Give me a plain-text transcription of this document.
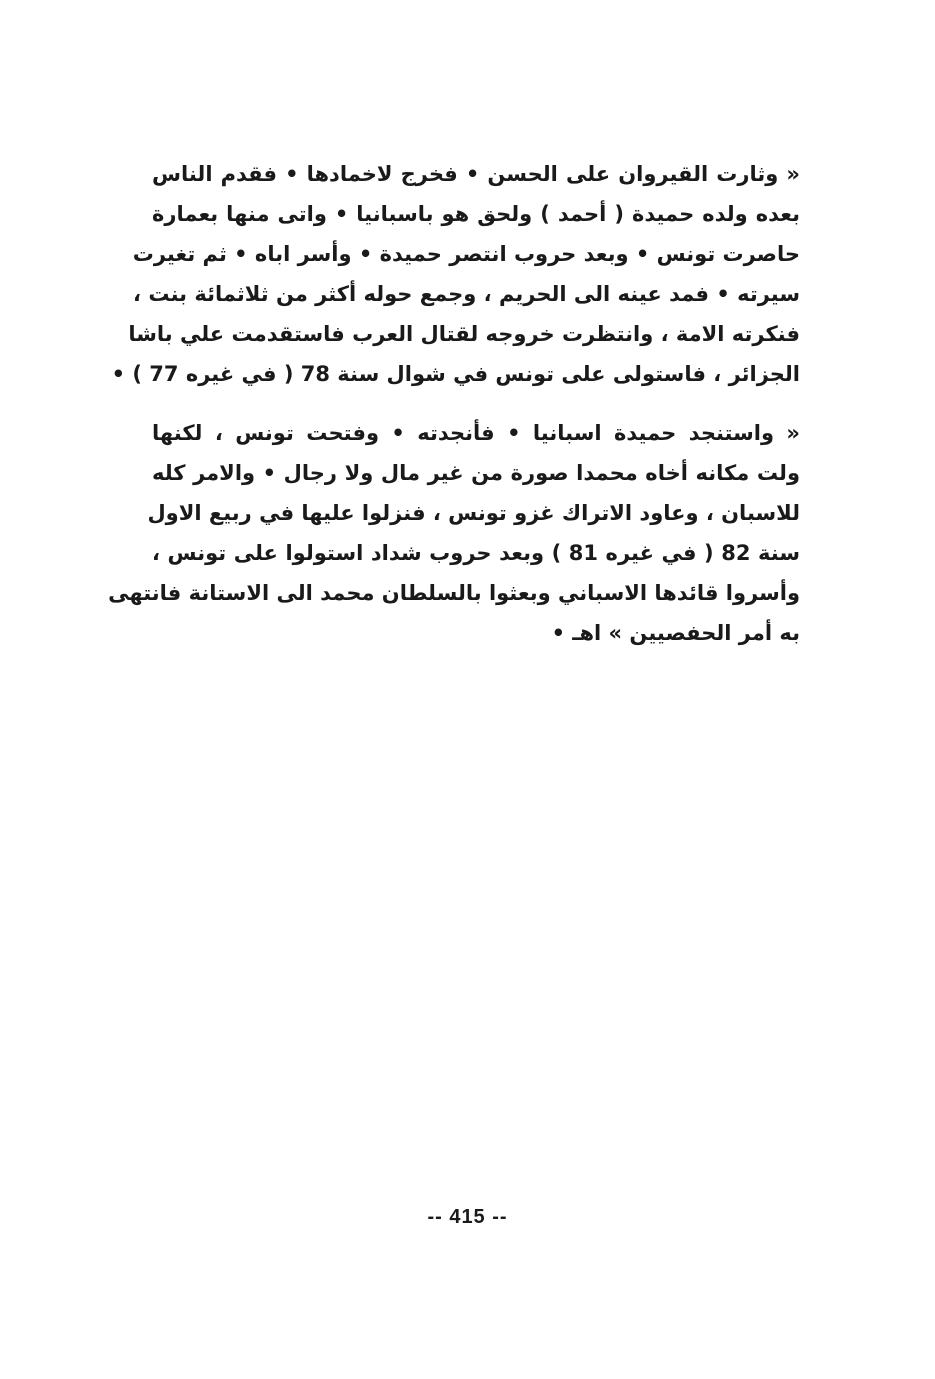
« وثارت القيروان على الحسن • فخرج لاخمادها • فقدم الناس
بعده ولده حميدة ( أحمد ) ولحق هو باسبانيا • واتى منها بعمارة
حاصرت تونس • وبعد حروب انتصر حميدة • وأسر اباه • ثم تغيرت
سيرته • فمد عينه الى الحريم ، وجمع حوله أكثر من ثلاثمائة بنت ،
فنكرته الامة ، وانتظرت خروجه لقتال العرب فاستقدمت علي باشا
الجزائر ، فاستولى على تونس في شوال سنة 78 ( في غيره 77 ) •
« واستنجد حميدة اسبانيا • فأنجدته • وفتحت تونس ، لكنها
ولت مكانه أخاه محمدا صورة من غير مال ولا رجال • والامر كله
للاسبان ، وعاود الاتراك غزو تونس ، فنزلوا عليها في ربيع الاول
سنة 82 ( في غيره 81 ) وبعد حروب شداد استولوا على تونس ،
وأسروا قائدها الاسباني وبعثوا بالسلطان محمد الى الاستانة فانتهى
به أمر الحفصيين » اهـ •
-- 415 --
